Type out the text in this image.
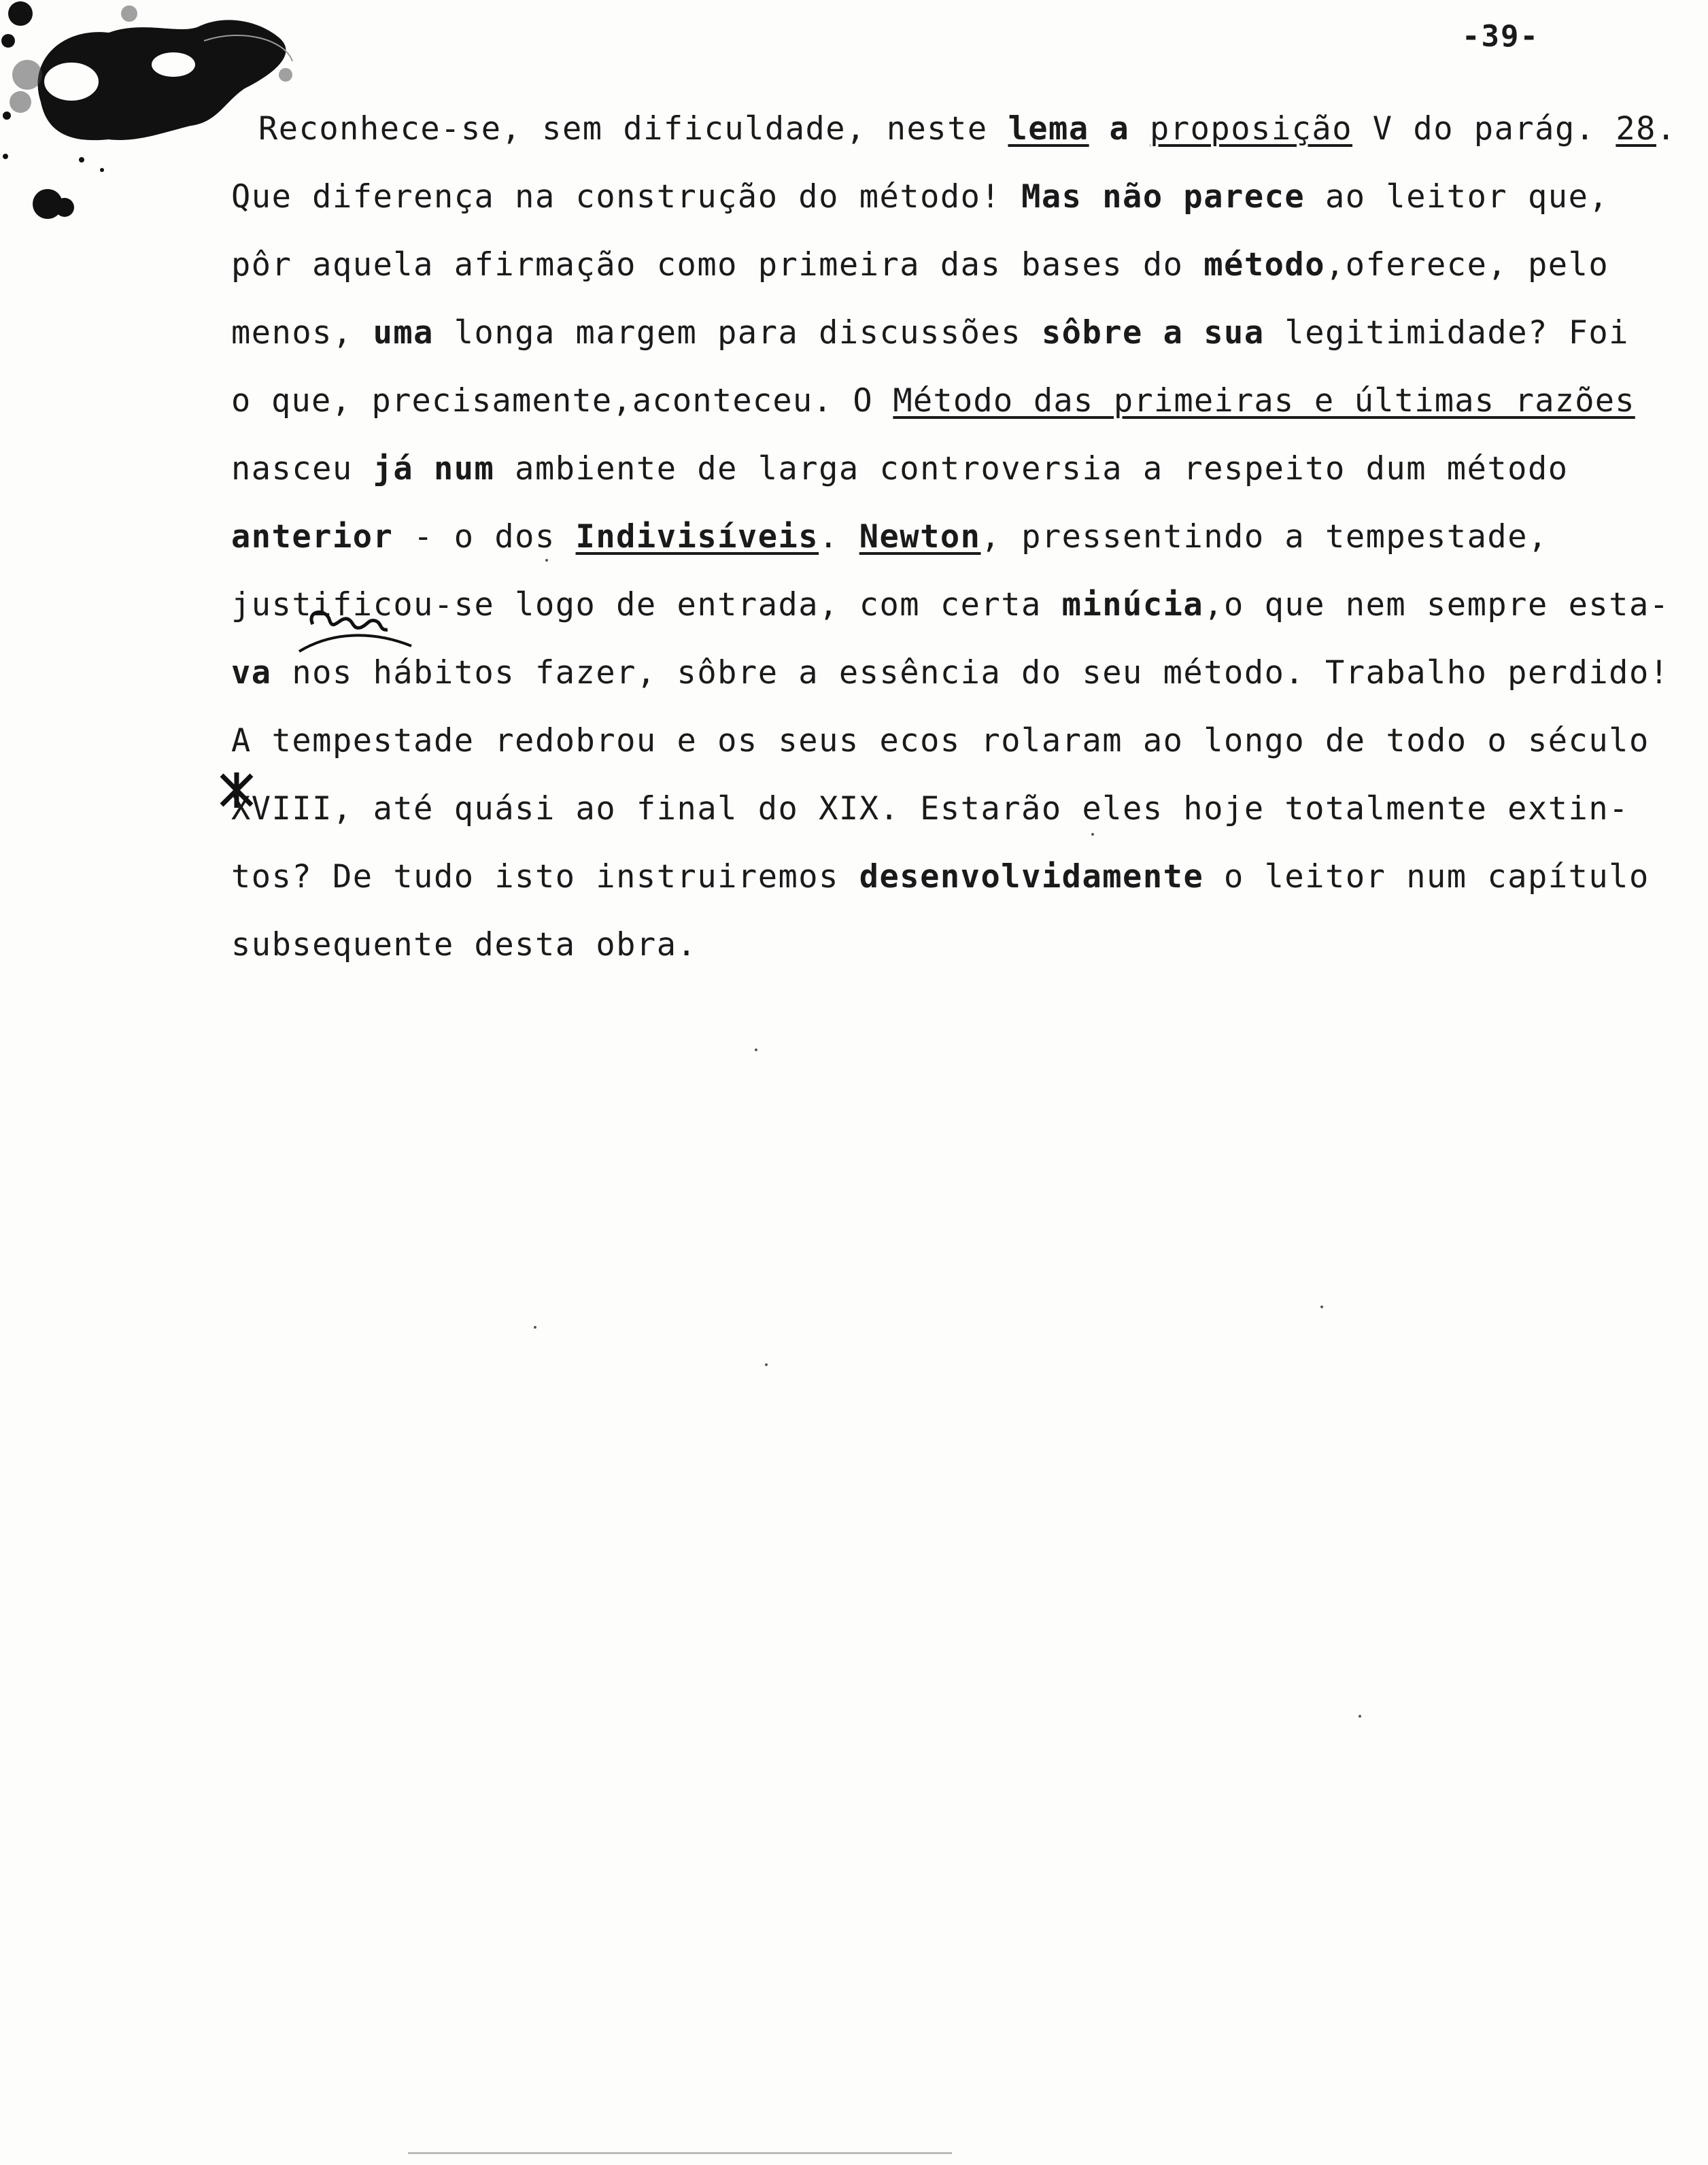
-39-
Reconhece-se, sem dificuldade, neste lema a proposição V do parág. 28.
Que diferença na construção do método! Mas não parece ao leitor que,
pôr aquela afirmação como primeira das bases do método,oferece, pelo
menos, uma longa margem para discussões sôbre a sua legitimidade? Foi
o que, precisamente,aconteceu. O Método das primeiras e últimas razões
nasceu já num ambiente de larga controversia a respeito dum método
anterior - o dos Indivisíveis. Newton, pressentindo a tempestade,
justificou-se logo de entrada, com certa minúcia,o que nem sempre esta-
va nos hábitos fazer, sôbre a essência do seu método. Trabalho perdido!
A tempestade redobrou e os seus ecos rolaram ao longo de todo o século
XVIII, até quási ao final do XIX. Estarão eles hoje totalmente extin-
tos? De tudo isto instruiremos desenvolvidamente o leitor num capítulo
subsequente desta obra.
